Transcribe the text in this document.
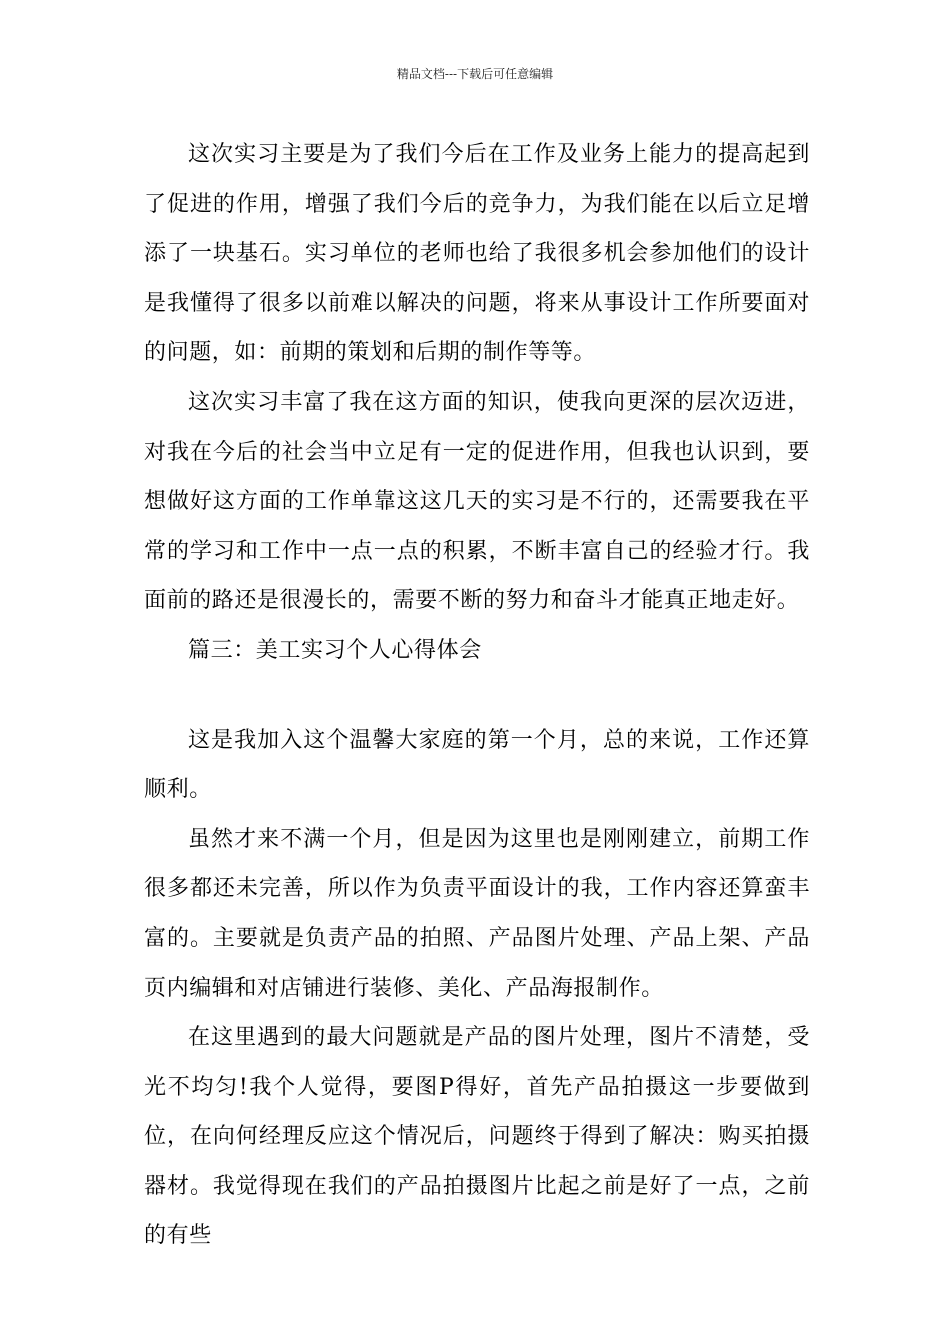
精品文档---下载后可任意编辑

这次实习主要是为了我们今后在工作及业务上能力的提高起到了促进的作用，增强了我们今后的竞争力，为我们能在以后立足增添了一块基石。实习单位的老师也给了我很多机会参加他们的设计是我懂得了很多以前难以解决的问题，将来从事设计工作所要面对的问题，如：前期的策划和后期的制作等等。

这次实习丰富了我在这方面的知识，使我向更深的层次迈进，对我在今后的社会当中立足有一定的促进作用，但我也认识到，要想做好这方面的工作单靠这这几天的实习是不行的，还需要我在平常的学习和工作中一点一点的积累，不断丰富自己的经验才行。我面前的路还是很漫长的，需要不断的努力和奋斗才能真正地走好。

篇三：美工实习个人心得体会

这是我加入这个温馨大家庭的第一个月，总的来说，工作还算顺利。

虽然才来不满一个月，但是因为这里也是刚刚建立，前期工作很多都还未完善，所以作为负责平面设计的我，工作内容还算蛮丰富的。主要就是负责产品的拍照、产品图片处理、产品上架、产品页内编辑和对店铺进行装修、美化、产品海报制作。

在这里遇到的最大问题就是产品的图片处理，图片不清楚，受光不均匀!我个人觉得，要图P得好，首先产品拍摄这一步要做到位，在向何经理反应这个情况后，问题终于得到了解决：购买拍摄器材。我觉得现在我们的产品拍摄图片比起之前是好了一点，之前的有些
